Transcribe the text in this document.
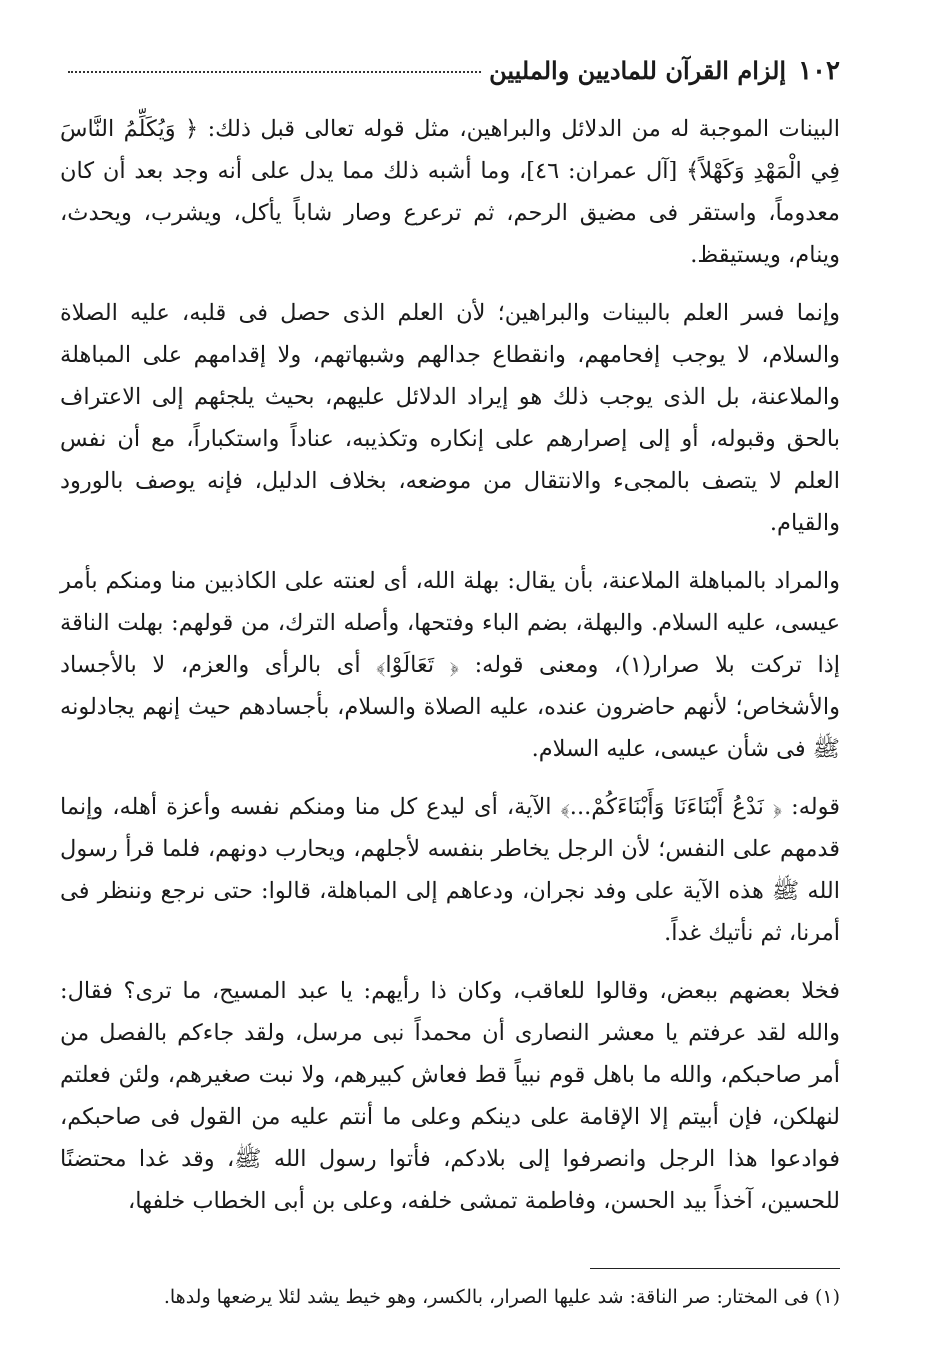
١٠٢
إلزام القرآن للماديين والمليين

البينات الموجبة له من الدلائل والبراهين، مثل قوله تعالى قبل ذلك: ﴿ وَيُكَلِّمُ النَّاسَ فِي الْمَهْدِ وَكَهْلاً﴾ [آل عمران: ٤٦]، وما أشبه ذلك مما يدل على أنه وجد بعد أن كان معدوماً، واستقر فى مضيق الرحم، ثم ترعرع وصار شاباً يأكل، ويشرب، ويحدث، وينام، ويستيقظ.

وإنما فسر العلم بالبينات والبراهين؛ لأن العلم الذى حصل فى قلبه، عليه الصلاة والسلام، لا يوجب إفحامهم، وانقطاع جدالهم وشبهاتهم، ولا إقدامهم على المباهلة والملاعنة، بل الذى يوجب ذلك هو إيراد الدلائل عليهم، بحيث يلجئهم إلى الاعتراف بالحق وقبوله، أو إلى إصرارهم على إنكاره وتكذيبه، عناداً واستكباراً، مع أن نفس العلم لا يتصف بالمجىء والانتقال من موضعه، بخلاف الدليل، فإنه يوصف بالورود والقيام.

والمراد بالمباهلة الملاعنة، بأن يقال: بهلة الله، أى لعنته على الكاذبين منا ومنكم بأمر عيسى، عليه السلام. والبهلة، بضم الباء وفتحها، وأصله الترك، من قولهم: بهلت الناقة إذا تركت بلا صرار(١)، ومعنى قوله: ﴿ تَعَالَوْا﴾ أى بالرأى والعزم، لا بالأجساد والأشخاص؛ لأنهم حاضرون عنده، عليه الصلاة والسلام، بأجسادهم حيث إنهم يجادلونه ﷺ فى شأن عيسى، عليه السلام.

قوله: ﴿ نَدْعُ أَبْنَاءَنَا وَأَبْنَاءَكُمْ...﴾ الآية، أى ليدع كل منا ومنكم نفسه وأعزة أهله، وإنما قدمهم على النفس؛ لأن الرجل يخاطر بنفسه لأجلهم، ويحارب دونهم، فلما قرأ رسول الله ﷺ هذه الآية على وفد نجران، ودعاهم إلى المباهلة، قالوا: حتى نرجع وننظر فى أمرنا، ثم نأتيك غداً.

فخلا بعضهم ببعض، وقالوا للعاقب، وكان ذا رأيهم: يا عبد المسيح، ما ترى؟ فقال: والله لقد عرفتم يا معشر النصارى أن محمداً نبى مرسل، ولقد جاءكم بالفصل من أمر صاحبكم، والله ما باهل قوم نبياً قط فعاش كبيرهم، ولا نبت صغيرهم، ولئن فعلتم لنهلكن، فإن أبيتم إلا الإقامة على دينكم وعلى ما أنتم عليه من القول فى صاحبكم، فوادعوا هذا الرجل وانصرفوا إلى بلادكم، فأتوا رسول الله ﷺ، وقد غدا محتضنًا للحسين، آخذاً بيد الحسن، وفاطمة تمشى خلفه، وعلى بن أبى الخطاب خلفها،

(١) فى المختار: صر الناقة: شد عليها الصرار، بالكسر، وهو خيط يشد لئلا يرضعها ولدها.
